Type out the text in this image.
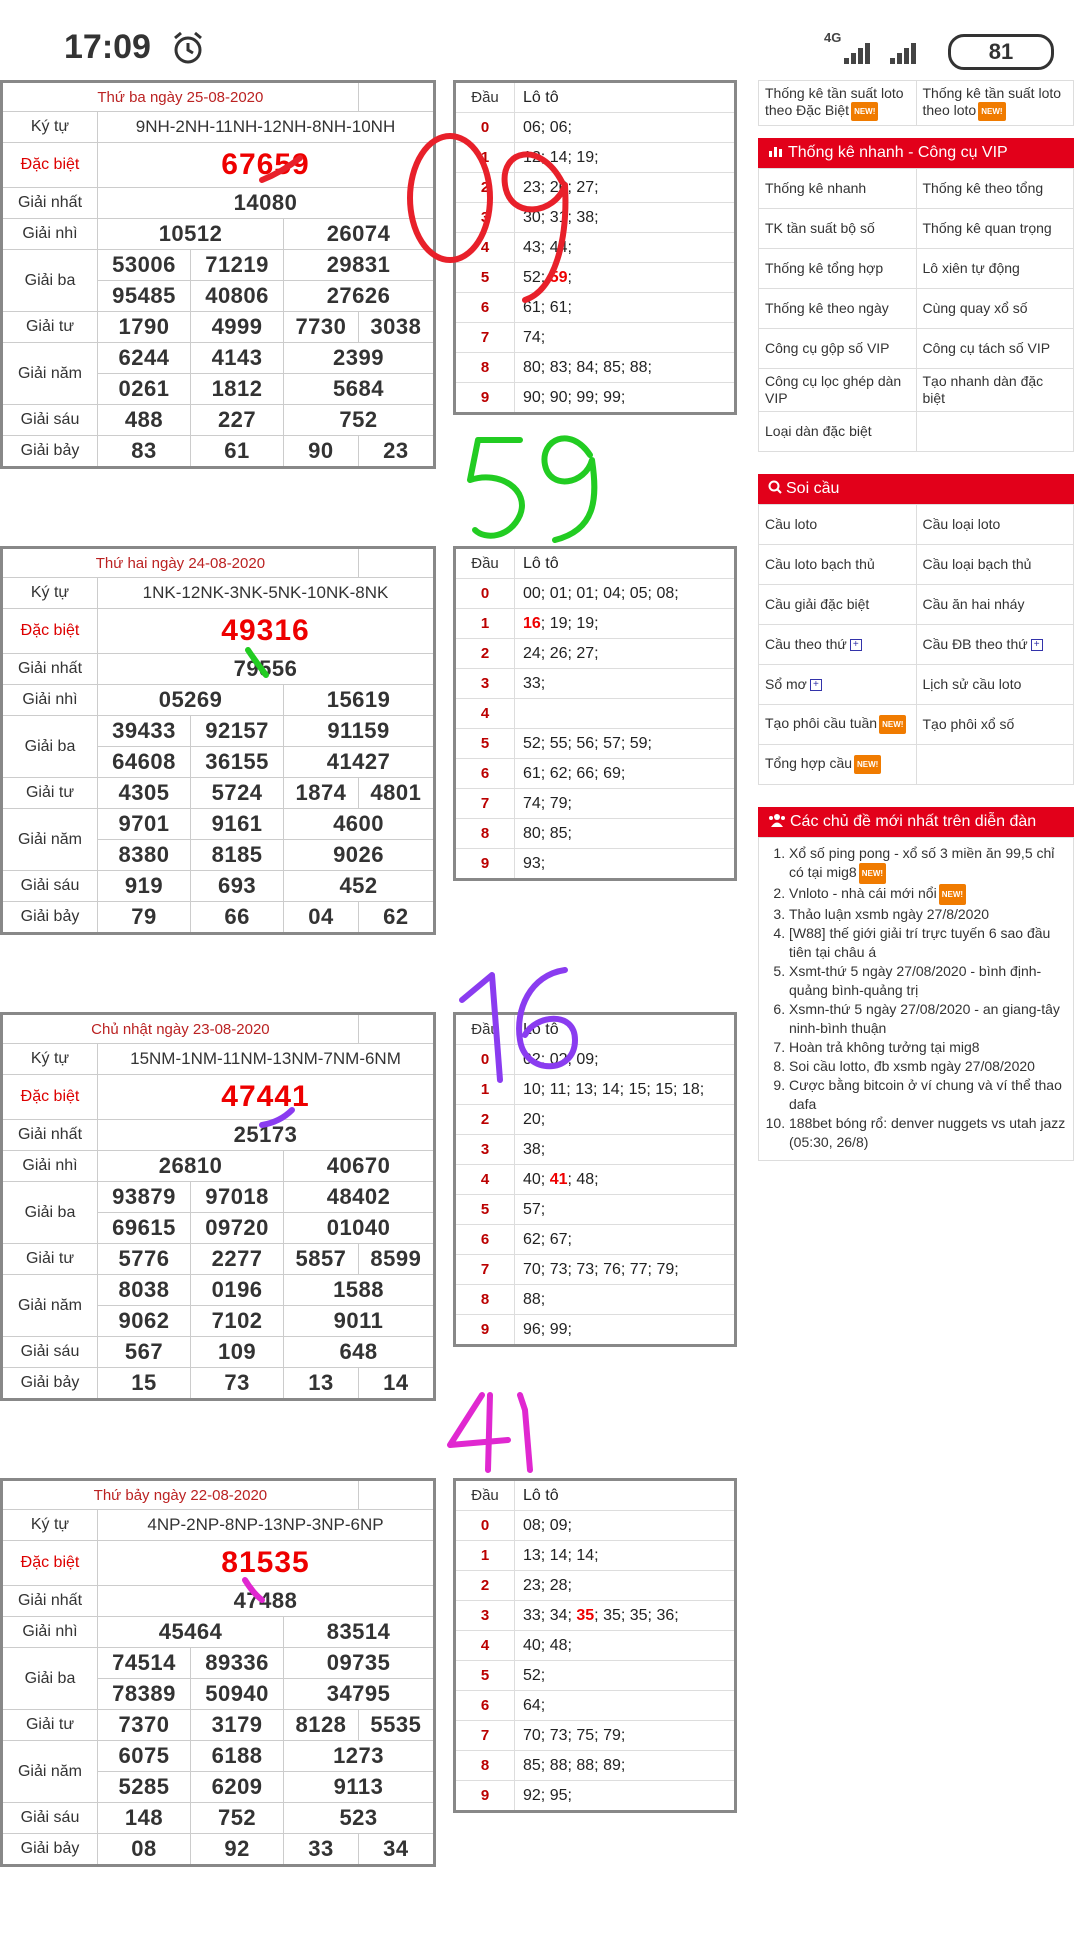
17:09	4G
81
Thứ ba ngày 25-08-2020				
Ký tự	9NH-2NH-11NH-12NH-8NH-10NH			
Đặc biệt	67659			
Giải nhất	14080			
Giải nhì	10512		26074	
Giải ba	53006	71219	29831	
	95485	40806	27626	
Giải tư	1790	4999	7730	3038
Giải năm	6244	4143	2399	
	0261	1812	5684	
Giải sáu	488	227	752	
Giải bảy	83	61	90	23
Đầu	Lô tô
0	06; 06;
1	12; 14; 19;
2	23; 26; 27;
3	30; 31; 38;
4	43; 44;
5	52; 59;
6	61; 61;
7	74;
8	80; 83; 84; 85; 88;
9	90; 90; 99; 99;
Thứ hai ngày 24-08-2020				
Ký tự	1NK-12NK-3NK-5NK-10NK-8NK			
Đặc biệt	49316			
Giải nhất	79556			
Giải nhì	05269		15619	
Giải ba	39433	92157	91159	
	64608	36155	41427	
Giải tư	4305	5724	1874	4801
Giải năm	9701	9161	4600	
	8380	8185	9026	
Giải sáu	919	693	452	
Giải bảy	79	66	04	62
Đầu	Lô tô
0	00; 01; 01; 04; 05; 08;
1	16; 19; 19;
2	24; 26; 27;
3	33;
4	
5	52; 55; 56; 57; 59;
6	61; 62; 66; 69;
7	74; 79;
8	80; 85;
9	93;
Chủ nhật ngày 23-08-2020				
Ký tự	15NM-1NM-11NM-13NM-7NM-6NM			
Đặc biệt	47441			
Giải nhất	25173			
Giải nhì	26810		40670	
Giải ba	93879	97018	48402	
	69615	09720	01040	
Giải tư	5776	2277	5857	8599
Giải năm	8038	0196	1588	
	9062	7102	9011	
Giải sáu	567	109	648	
Giải bảy	15	73	13	14
Đầu	Lô tô
0	02; 02; 09;
1	10; 11; 13; 14; 15; 15; 18;
2	20;
3	38;
4	40; 41; 48;
5	57;
6	62; 67;
7	70; 73; 73; 76; 77; 79;
8	88;
9	96; 99;
Thứ bảy ngày 22-08-2020				
Ký tự	4NP-2NP-8NP-13NP-3NP-6NP			
Đặc biệt	81535			
Giải nhất	47488			
Giải nhì	45464		83514	
Giải ba	74514	89336	09735	
	78389	50940	34795	
Giải tư	7370	3179	8128	5535
Giải năm	6075	6188	1273	
	5285	6209	9113	
Giải sáu	148	752	523	
Giải bảy	08	92	33	34
Đầu	Lô tô
0	08; 09;
1	13; 14; 14;
2	23; 28;
3	33; 34; 35; 35; 35; 36;
4	40; 48;
5	52;
6	64;
7	70; 73; 75; 79;
8	85; 88; 88; 89;
9	92; 95;
Thống kê tần suất loto theo Đặc Biệt NEW!	Thống kê tần suất loto theo loto NEW!
Thống kê nhanh - Công cụ VIP
Thống kê nhanh	Thống kê theo tổng
TK tần suất bộ số	Thống kê quan trọng
Thống kê tổng hợp	Lô xiên tự động
Thống kê theo ngày	Cùng quay xổ số
Công cụ gộp số VIP	Công cụ tách số VIP
Công cụ lọc ghép dàn VIP	Tạo nhanh dàn đặc biệt
Loại dàn đặc biệt	
Soi cầu
Cầu loto	Cầu loại loto
Cầu loto bạch thủ	Cầu loại bạch thủ
Cầu giải đặc biệt	Cầu ăn hai nháy
Cầu theo thứ +	Cầu ĐB theo thứ +
Sổ mơ +	Lịch sử cầu loto
Tạo phôi cầu tuần NEW!	Tạo phôi xổ số
Tổng hợp cầu NEW!	
Các chủ đề mới nhất trên diễn đàn
1. Xổ số ping pong - xổ số 3 miền ăn 99,5 chỉ có tại mig8 NEW!
2. Vnloto - nhà cái mới nổi NEW!
3. Thảo luận xsmb ngày 27/8/2020
4. [W88] thế giới giải trí trực tuyến 6 sao đầu tiên tại châu á
5. Xsmt-thứ 5 ngày 27/08/2020 - bình định-quảng bình-quảng trị
6. Xsmn-thứ 5 ngày 27/08/2020 - an giang-tây ninh-bình thuận
7. Hoàn trả không tưởng tại mig8
8. Soi cầu lotto, đb xsmb ngày 27/08/2020
9. Cược bằng bitcoin ở ví chung và ví thể thao dafa
10. 188bet bóng rổ: denver nuggets vs utah jazz (05:30, 26/8)
09
59
16
41
